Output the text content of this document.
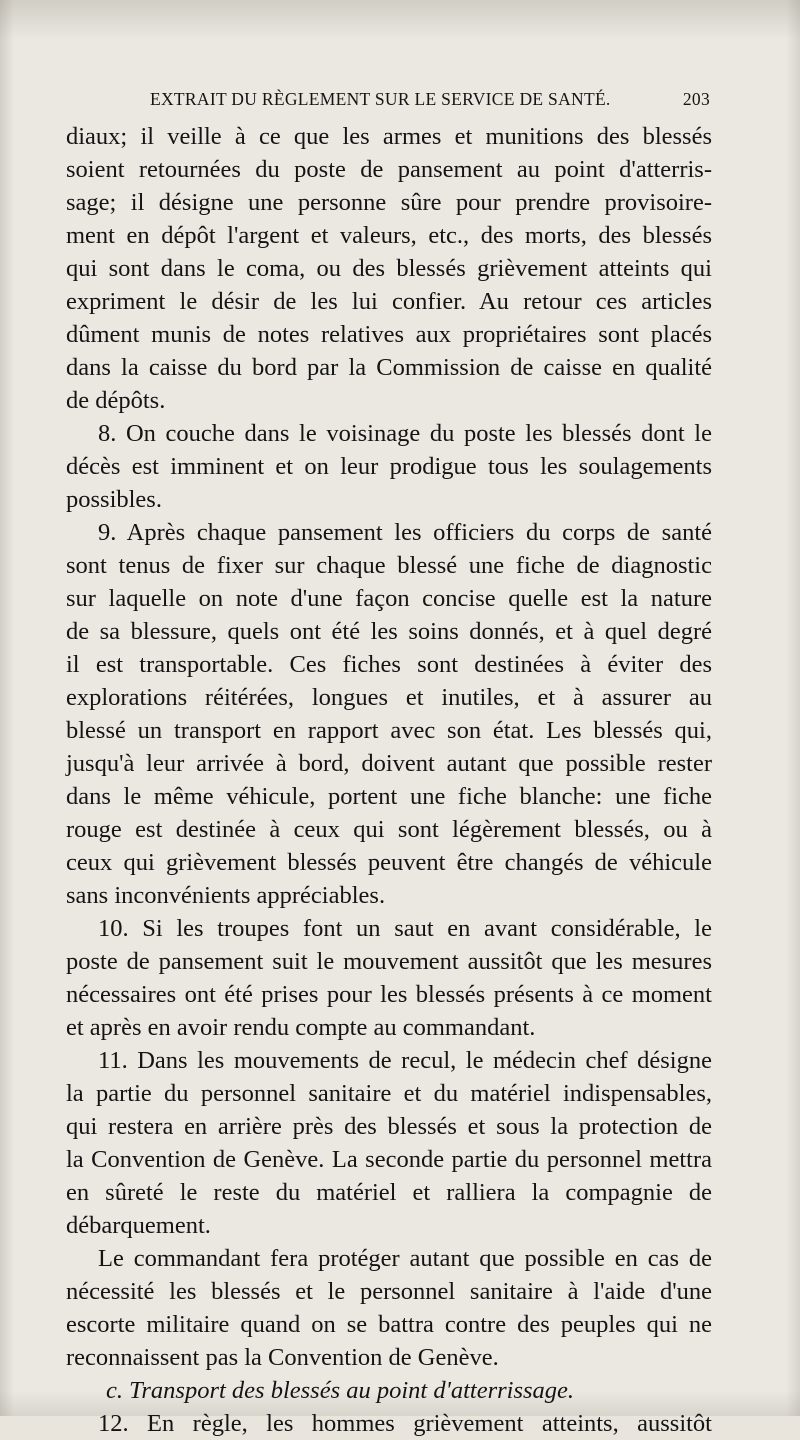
EXTRAIT DU RÈGLEMENT SUR LE SERVICE DE SANTÉ.	203
diaux; il veille à ce que les armes et munitions des blessés
soient retournées du poste de pansement au point d'atterris-
sage; il désigne une personne sûre pour prendre provisoire-
ment en dépôt l'argent et valeurs, etc., des morts, des blessés
qui sont dans le coma, ou des blessés grièvement atteints qui
expriment le désir de les lui confier. Au retour ces articles
dûment munis de notes relatives aux propriétaires sont placés
dans la caisse du bord par la Commission de caisse en qualité
de dépôts.
8. On couche dans le voisinage du poste les blessés dont le
décès est imminent et on leur prodigue tous les soulagements
possibles.
9. Après chaque pansement les officiers du corps de santé
sont tenus de fixer sur chaque blessé une fiche de diagnostic
sur laquelle on note d'une façon concise quelle est la nature
de sa blessure, quels ont été les soins donnés, et à quel degré
il est transportable. Ces fiches sont destinées à éviter des
explorations réitérées, longues et inutiles, et à assurer au
blessé un transport en rapport avec son état. Les blessés qui,
jusqu'à leur arrivée à bord, doivent autant que possible rester
dans le même véhicule, portent une fiche blanche: une fiche
rouge est destinée à ceux qui sont légèrement blessés, ou à
ceux qui grièvement blessés peuvent être changés de véhicule
sans inconvénients appréciables.
10. Si les troupes font un saut en avant considérable, le
poste de pansement suit le mouvement aussitôt que les mesures
nécessaires ont été prises pour les blessés présents à ce moment
et après en avoir rendu compte au commandant.
11. Dans les mouvements de recul, le médecin chef désigne
la partie du personnel sanitaire et du matériel indispensables,
qui restera en arrière près des blessés et sous la protection de
la Convention de Genève. La seconde partie du personnel mettra
en sûreté le reste du matériel et ralliera la compagnie de
débarquement.
Le commandant fera protéger autant que possible en cas de
nécessité les blessés et le personnel sanitaire à l'aide d'une
escorte militaire quand on se battra contre des peuples qui ne
reconnaissent pas la Convention de Genève.
c. Transport des blessés au point d'atterrissage.
12. En règle, les hommes grièvement atteints, aussitôt
